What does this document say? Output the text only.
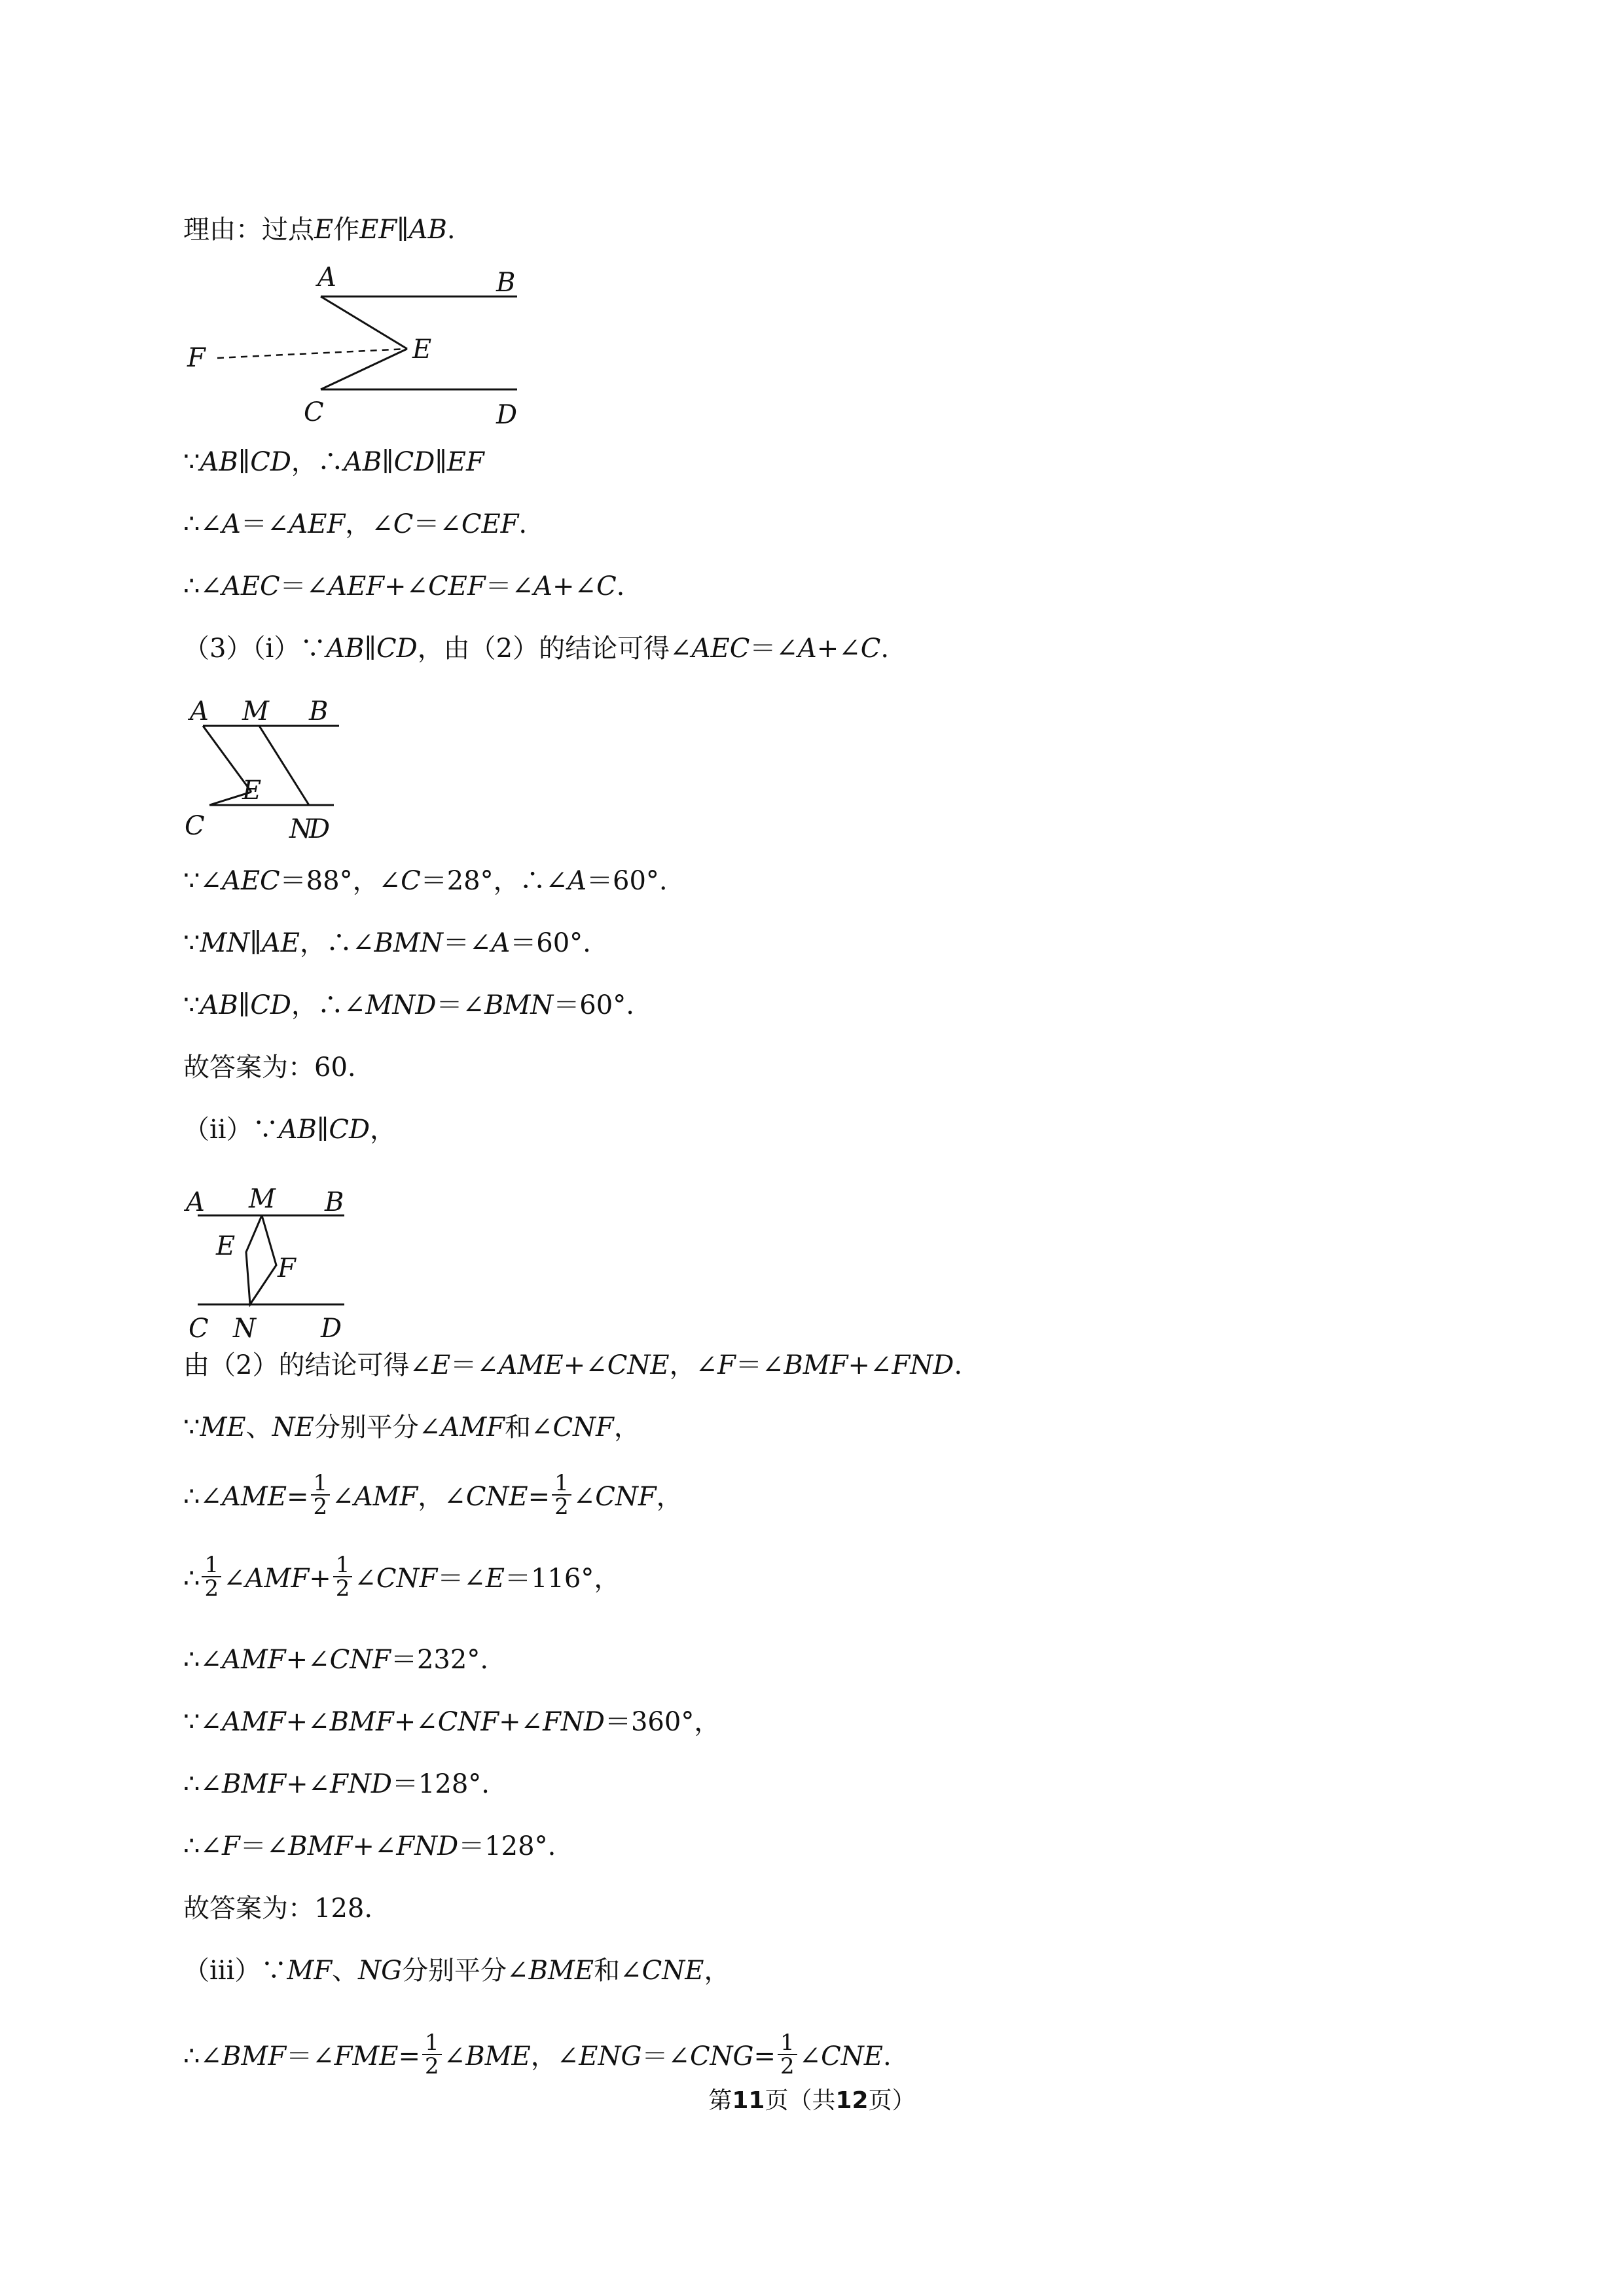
理由：过点E作EF∥AB.
∵AB∥CD，∴AB∥CD∥EF
∴∠A＝∠AEF，∠C＝∠CEF.
∴∠AEC＝∠AEF+∠CEF＝∠A+∠C.
（3）（i）∵AB∥CD，由（2）的结论可得∠AEC＝∠A+∠C.
∵∠AEC＝88°，∠C＝28°，∴∠A＝60°.
∵MN∥AE，∴∠BMN＝∠A＝60°.
∵AB∥CD，∴∠MND＝∠BMN＝60°.
故答案为：60.
（ii）∵AB∥CD，
由（2）的结论可得∠E＝∠AME+∠CNE，∠F＝∠BMF+∠FND.
∵ME、NE分别平分∠AMF和∠CNF，
∴∠AME= $\frac{1}{2}$ ∠AMF，∠CNE= $\frac{1}{2}$ ∠CNF，
∴ $\frac{1}{2}$ ∠AMF+ $\frac{1}{2}$ ∠CNF＝∠E＝116°，
∴∠AMF+∠CNF＝232°.
∵∠AMF+∠BMF+∠CNF+∠FND＝360°，
∴∠BMF+∠FND＝128°.
∴∠F＝∠BMF+∠FND＝128°.
故答案为：128.
（iii）∵MF、NG分别平分∠BME和∠CNE，
∴∠BMF＝∠FME= $\frac{1}{2}$ ∠BME，∠ENG＝∠CNG= $\frac{1}{2}$ ∠CNE.
A	B
F	E
C	D
A M B
E
C	N
D
A M B
E
F
C N D
第11页（共12页）
